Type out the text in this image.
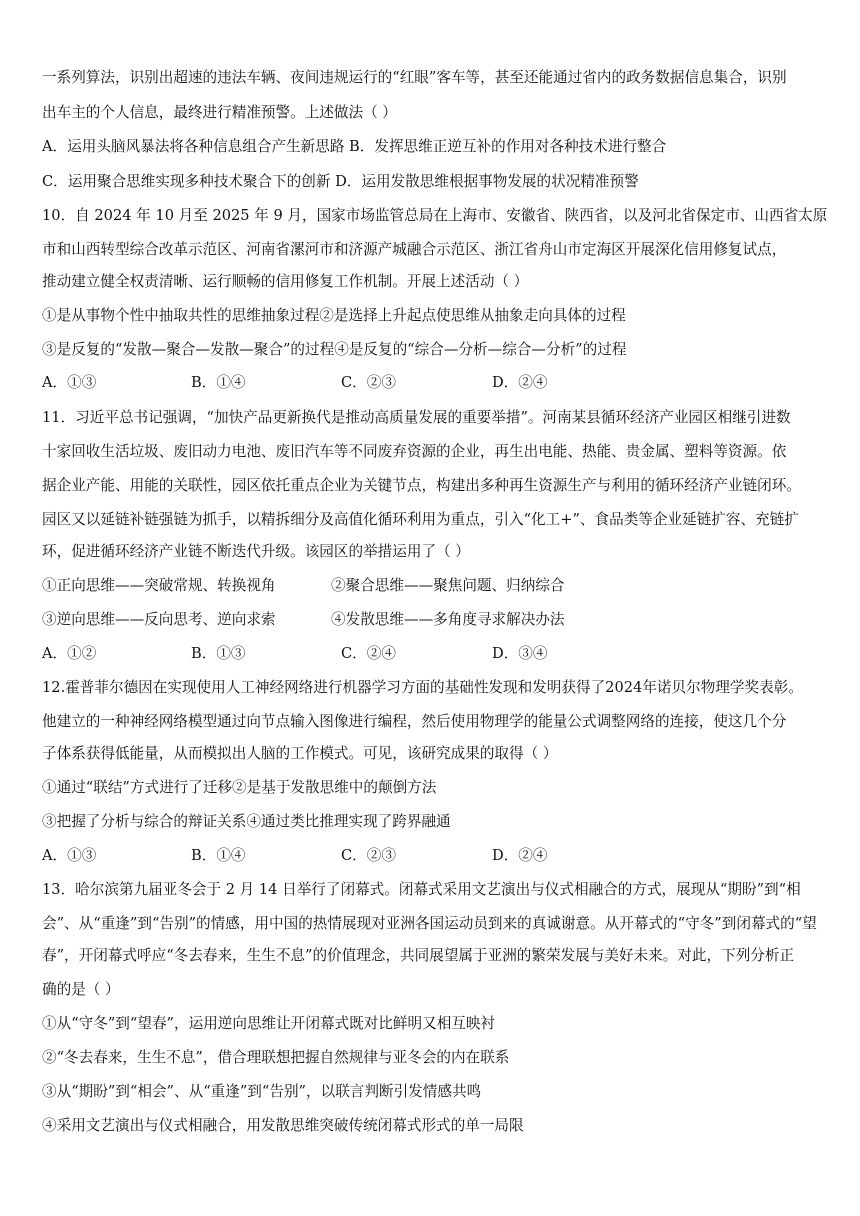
一系列算法，识别出超速的违法车辆、夜间违规运行的“红眼”客车等，甚至还能通过省内的政务数据信息集合，识别
出车主的个人信息，最终进行精准预警。上述做法（ ）
A．运用头脑风暴法将各种信息组合产生新思路 B．发挥思维正逆互补的作用对各种技术进行整合
C．运用聚合思维实现多种技术聚合下的创新 D．运用发散思维根据事物发展的状况精准预警
10．自 2024 年 10 月至 2025 年 9 月，国家市场监管总局在上海市、安徽省、陕西省，以及河北省保定市、山西省太原
市和山西转型综合改革示范区、河南省漯河市和济源产城融合示范区、浙江省舟山市定海区开展深化信用修复试点，
推动建立健全权责清晰、运行顺畅的信用修复工作机制。开展上述活动（ ）
①是从事物个性中抽取共性的思维抽象过程②是选择上升起点使思维从抽象走向具体的过程
③是反复的“发散—聚合—发散—聚合”的过程④是反复的“综合—分析—综合—分析”的过程
A．①③	B．①④	C．②③	D．②④
11．习近平总书记强调，“加快产品更新换代是推动高质量发展的重要举措”。河南某县循环经济产业园区相继引进数
十家回收生活垃圾、废旧动力电池、废旧汽车等不同废弃资源的企业，再生出电能、热能、贵金属、塑料等资源。依
据企业产能、用能的关联性，园区依托重点企业为关键节点，构建出多种再生资源生产与利用的循环经济产业链闭环。
园区又以延链补链强链为抓手，以精拆细分及高值化循环利用为重点，引入“化工+”、食品类等企业延链扩容、充链扩
环，促进循环经济产业链不断迭代升级。该园区的举措运用了（ ）
①正向思维——突破常规、转换视角	②聚合思维——聚焦问题、归纳综合
③逆向思维——反向思考、逆向求索	④发散思维——多角度寻求解决办法
A．①②	B．①③	C．②④	D．③④
12.霍普菲尔德因在实现使用人工神经网络进行机器学习方面的基础性发现和发明获得了2024年诺贝尔物理学奖表彰。
他建立的一种神经网络模型通过向节点输入图像进行编程，然后使用物理学的能量公式调整网络的连接，使这几个分
子体系获得低能量，从而模拟出人脑的工作模式。可见，该研究成果的取得（ ）
①通过“联结”方式进行了迁移②是基于发散思维中的颠倒方法
③把握了分析与综合的辩证关系④通过类比推理实现了跨界融通
A．①③	B．①④	C．②③	D．②④
13．哈尔滨第九届亚冬会于 2 月 14 日举行了闭幕式。闭幕式采用文艺演出与仪式相融合的方式，展现从“期盼”到“相
会”、从“重逢”到“告别”的情感，用中国的热情展现对亚洲各国运动员到来的真诚谢意。从开幕式的“守冬”到闭幕式的“望
春”，开闭幕式呼应“冬去春来，生生不息”的价值理念，共同展望属于亚洲的繁荣发展与美好未来。对此，下列分析正
确的是（ ）
①从“守冬”到“望春”，运用逆向思维让开闭幕式既对比鲜明又相互映衬
②“冬去春来，生生不息”，借合理联想把握自然规律与亚冬会的内在联系
③从“期盼”到“相会”、从“重逢”到“告别”，以联言判断引发情感共鸣
④采用文艺演出与仪式相融合，用发散思维突破传统闭幕式形式的单一局限
